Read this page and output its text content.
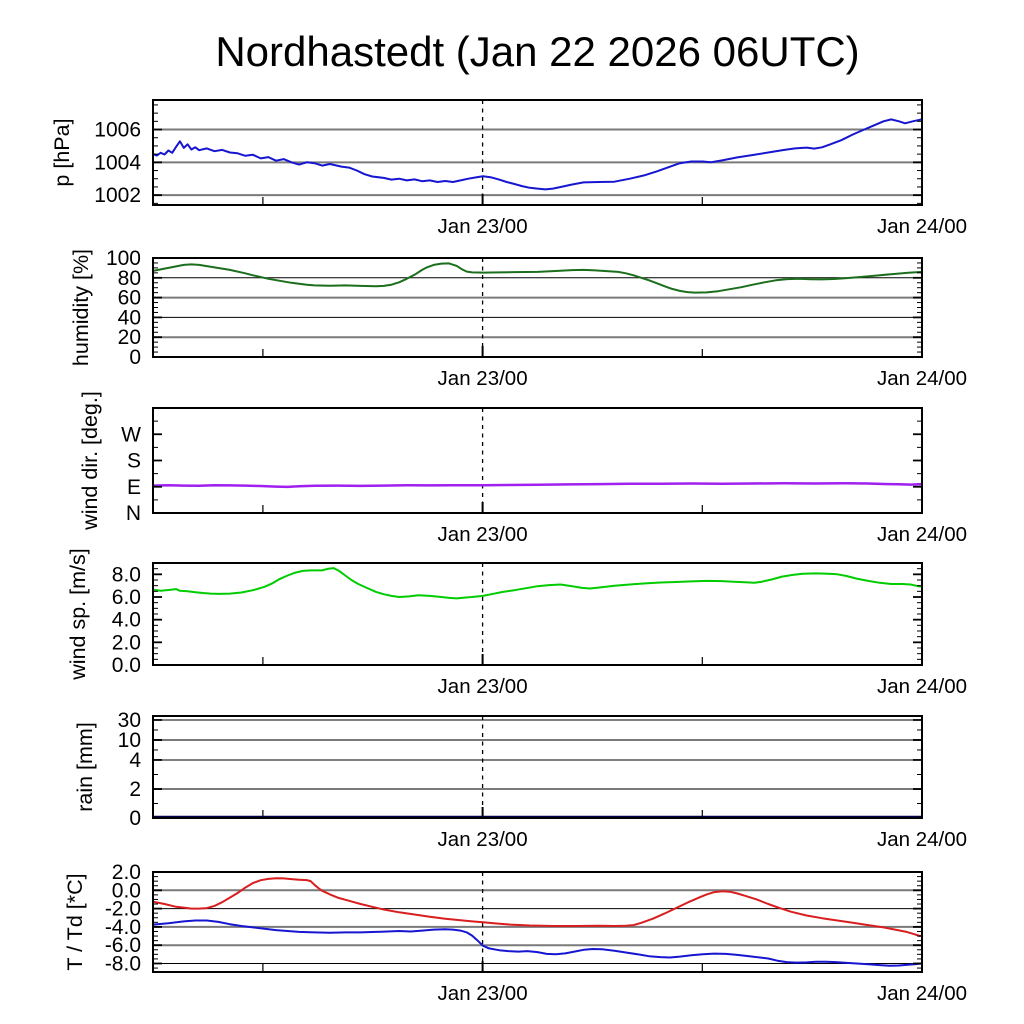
Nordhastedt (Jan 22 2026 06UTC)
1002
1004
1006
Jan 23/00	Jan 24/00
p [hPa]
0
20
40
60
80
100
Jan 23/00	Jan 24/00
humidity [%]
N
E
S
W
Jan 23/00	Jan 24/00
wind dir. [deg.]
0.0
2.0
4.0
6.0
8.0
Jan 23/00	Jan 24/00
wind sp. [m/s]
0
2
4
10
30
Jan 23/00	Jan 24/00
rain [mm]
2.0
0.0
-2.0
-4.0
-6.0
-8.0
Jan 23/00	Jan 24/00
T / Td [*C]
